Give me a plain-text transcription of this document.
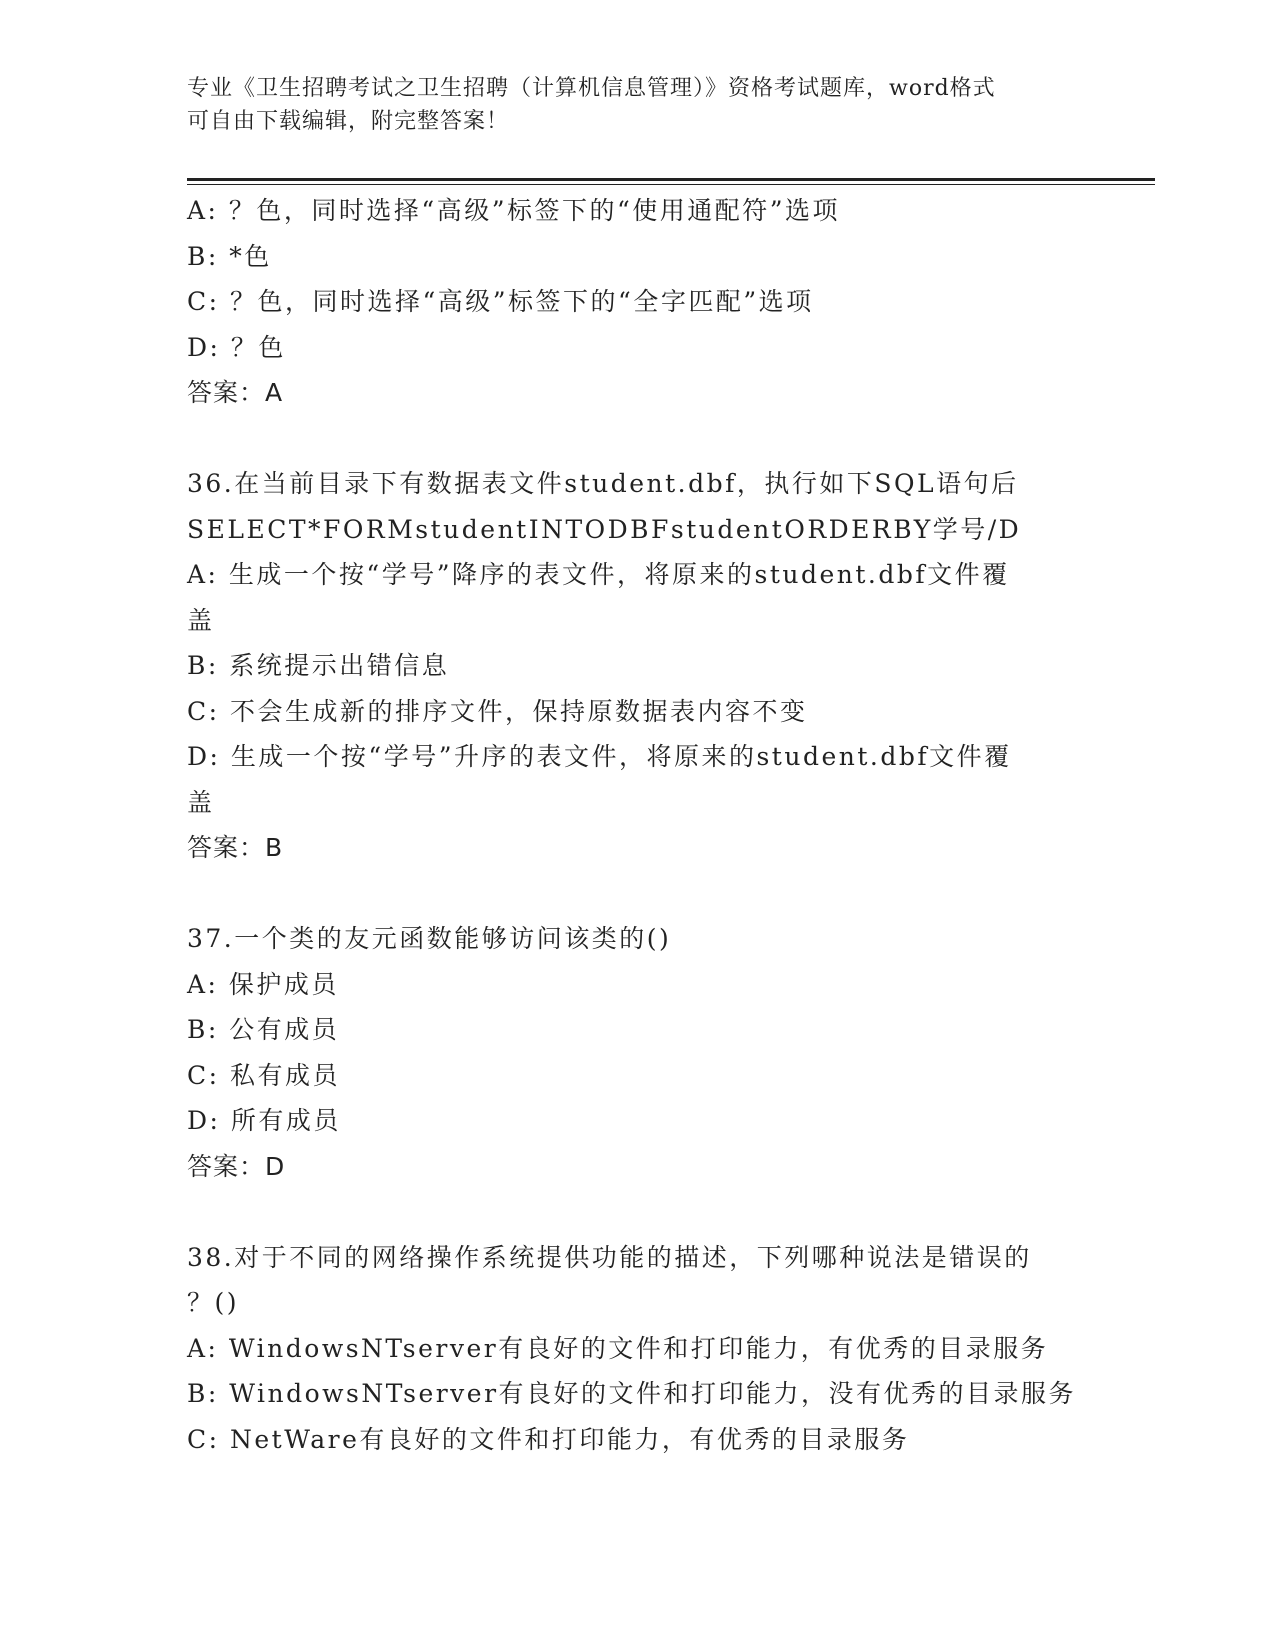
专业《卫生招聘考试之卫生招聘（计算机信息管理）》资格考试题库，word格式

可自由下载编辑，附完整答案！

A: ？色，同时选择“高级”标签下的“使用通配符”选项

B: *色

C: ？色，同时选择“高级”标签下的“全字匹配”选项

D: ？色

答案：A

36.在当前目录下有数据表文件student.dbf，执行如下SQL语句后

SELECT*FORMstudentINTODBFstudentORDERBY学号/D

A: 生成一个按“学号”降序的表文件，将原来的student.dbf文件覆

盖

B: 系统提示出错信息

C: 不会生成新的排序文件，保持原数据表内容不变

D: 生成一个按“学号”升序的表文件，将原来的student.dbf文件覆

盖

答案：B

37.一个类的友元函数能够访问该类的()

A: 保护成员

B: 公有成员

C: 私有成员

D: 所有成员

答案：D

38.对于不同的网络操作系统提供功能的描述，下列哪种说法是错误的

？()

A: WindowsNTserver有良好的文件和打印能力，有优秀的目录服务

B: WindowsNTserver有良好的文件和打印能力，没有优秀的目录服务

C: NetWare有良好的文件和打印能力，有优秀的目录服务
